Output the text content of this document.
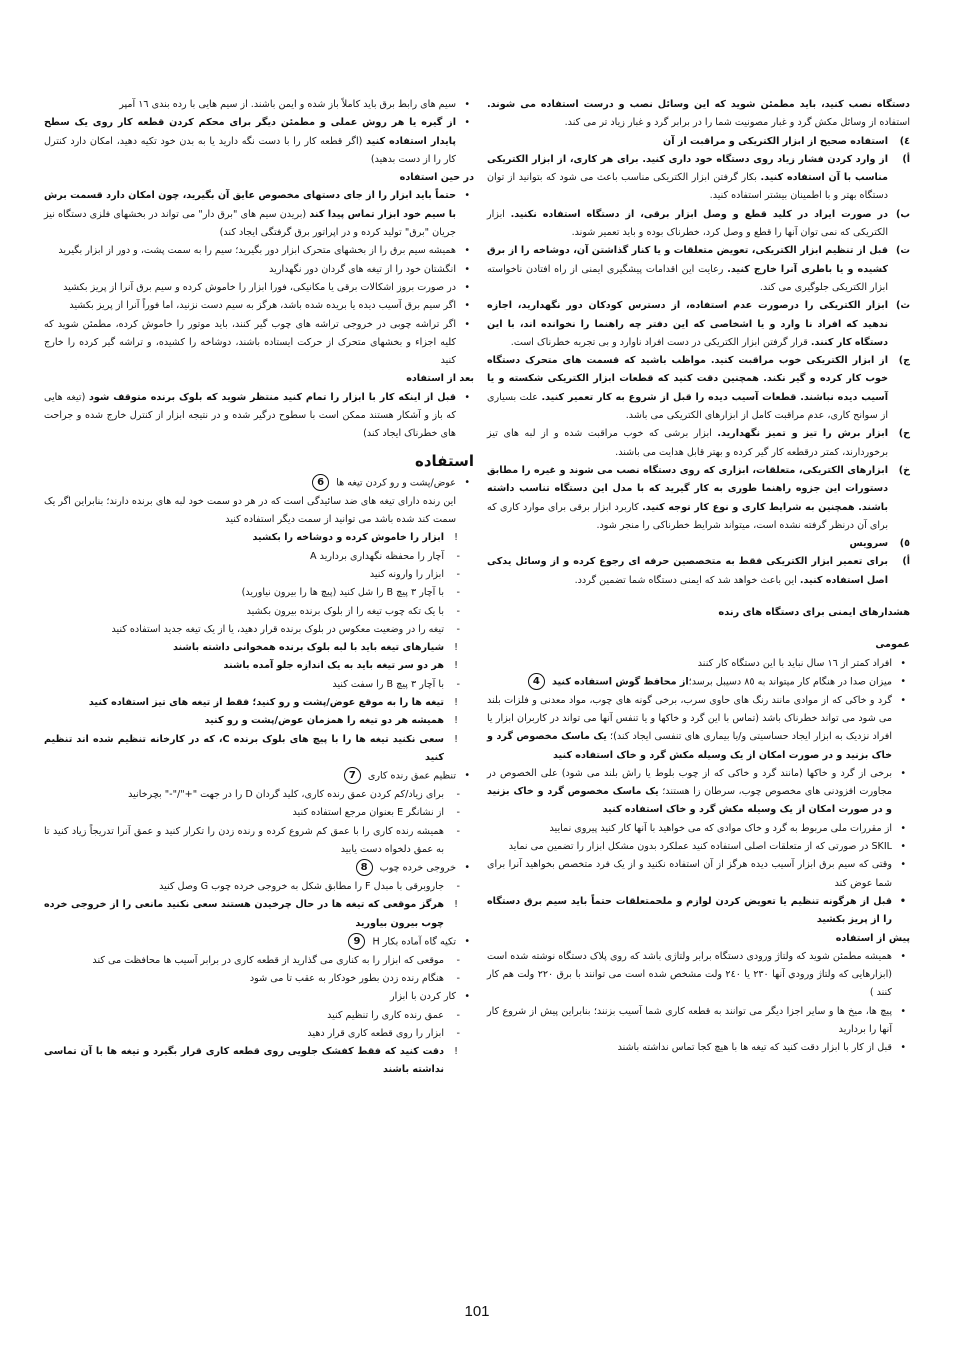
دستگاه نصب کنید، باید مطمئن شوید که این وسائل نصب و درست استفاده می شوند. استفاده از وسائل مکش گرد و غبار مصونیت شما را در برابر گرد و غبار زیاد تر می کند.

٤)
استفاده صحیح از ابزار الکتریکی و مراقبت از آن

أ)
از وارد کردن فشار زیاد روی دستگاه خود داری کنید. برای هر کاری، از ابزار الکتریکی مناسب با آن استفاده کنید. بکار گرفتن ابزار الکتریکی مناسب باعث می شود که بتوانید از توان دستگاه بهتر و با اطمینان بیشتر استفاده کنید.

ب)
در صورت ایراد در کلید قطع و وصل ابزار برقی، از دستگاه استفاده نکنید. ابزار الکتریکی که نمی توان آنها را قطع و وصل کرد، خطرناک بوده و باید تعمیر شوند.

ت)
قبل از تنظیم ابزار الکتریکی، تعویض متعلقات و یا کنار گذاشتن آن، دوشاخه را از برق کشیده و یا باطری آنرا خارج کنید. رعایت این اقدامات پیشگیری ایمنی از راه افتادن ناخواسته ابزار الکتریکی جلوگیری می کند.

ث)
ابزار الکتریکی را درصورت عدم استفاده، از دسترس کودکان دور نگهدارید، اجازه ندهید که افراد نا وارد و یا اشخاصی که این دفتر چه راهنما را نخوانده اند، با این دستگاه کار کنند. قرار گرفتن ابزار الکتریکی در دست افراد ناوارد و بی تجربه خطرناک است.

ج)
از ابزار الکتریکی خوب مراقبت کنید. مواظب باشید که قسمت های متحرک دستگاه خوب کار کرده و گیر نکند. همچنین دقت کنید که قطعات ابزار الکتریکی شکسته و یا آسیب دیده نباشند. قطعات آسیب دیده را قبل از شروع به کار تعمیر کنید. علت بسیاری از سوانح کاری، عدم مراقبت کامل از ابزارهای الکتریکی می باشد.

ح)
ابزار برش را تیز و تمیز نگهدارید. ابزار برشی که خوب مراقبت شده و از لبه های تیز برخوردارند، کمتر درقطعه کار گیر کرده و بهتر قابل هدایت می باشند.

خ)
ابزارهای الکتریکی، متعلقات، ابزاری که روی دستگاه نصب می شوند و غیره را مطابق دستورات این جزوه راهنما طوری به کار گیرید که با مدل این دستگاه تناسب داشته باشند. همچنین به شرایط کاری و نوع کار توجه کنید. کاربرد ابزار برقی برای موارد کاری که برای آن درنظر گرفته نشده است، میتواند شرایط خطرناکی را منجر شود.

٥)
سرویس

أ)
برای تعمیر ابزار الکتریکی فقط به متخصصین حرفه ای رجوع کرده و از وسائل یدکی اصل استفاده کنید. این باعث خواهد شد که ایمنی دستگاه شما تضمین گردد.

هشدارهای ایمنی برای دستگاه های رنده

عمومی

• افراد کمتر از ١٦ سال نباید با این دستگاه کار کنند

• میزان صدا در هنگام کار میتواند به ٨٥ دسیبل برسد؛از محافظ گوش استفاده کنید 4

• گرد و خاکی که از موادی مانند رنگ های حاوی سرب، برخی گونه های چوب، مواد معدنی و فلزات بلند می شود می تواند خطرناک باشد (تماس با این گرد و خاکها و یا تنفس آنها می تواند در کاربران ابزار یا افراد نزدیک به ابزار ایجاد حساسیتی و/یا بیماری های تنفسی ایجاد کند)؛ یک ماسک مخصوص گرد و خاک بزنید و در صورت امکان از یک وسیله مکش گرد و خاک استفاده کنید

• برخی از گرد و خاکها (مانند گرد و خاکی که از چوب بلوط یا راش بلند می شود) علی الخصوص در مجاورت افزودنی های مخصوص چوب، سرطان زا هستند؛ یک ماسک مخصوص گرد و خاک بزنید و در صورت امکان از یک وسیله مکش گرد و خاک استفاده کنید

• از مقررات ملی مربوط به گرد و خاک موادی که می خواهید با آنها کار کنید پیروی نمایید

• SKIL در صورتی که از متعلقات اصلی استفاده کنید عملکرد بدون مشکل ابزار را تضمین می نماید

• وقتی که سیم برق ابزار آسیب دیده هرگز از آن استفاده نکنید و از یک فرد متخصص بخواهید آنرا برای شما عوض کند

• قبل از هرگونه تنظیم یا تعویض کردن لوازم و ملحمتعلقات حتماً باید سیم برق دستگاه را از پریز بکشید

پیش از استفاده

• همیشه مطمئن شوید که ولتاژ ورودی دستگاه برابر ولتاژی باشد که روی پلاک دستگاه نوشته شده است (ابزارهایی که ولتاژ ورودي آنها ٢٣٠ یا ٢٤٠ ولت مشخص شده است می توانند با برق ٢٢٠ ولت هم کار کنند )

• پیچ ها، میخ ها و سایر اجزا دیگر می توانند به قطعه کاری شما آسیب بزنند؛ بنابراین پیش از شروع کار آنها را بردارید

• قبل از کار با ابزار دقت کنید که تیغه ها با هیچ کجا تماس نداشته باشند

• سیم های رابط برق باید کاملاً باز شده و ایمن باشند. از سیم هایی با رده بندی ١٦ آمپر

• از گیره یا هر روش عملی و مطمئن دیگر برای محکم کردن قطعه کار روی یک سطح پایدار استفاده کنید (اگر قطعه کار را با دست نگه دارید یا به بدن خود تکیه دهید، امکان دارد کنترل کار را از دست بدهید)

در حین استفاده

• حتماً باید ابزار را از جای دستهای مخصوص عایق آن بگیرید، چون امکان دارد قسمت برش با سیم خود ابزار تماس پیدا کند (بریدن سیم های "برق دار" می تواند در بخشهای فلزی دستگاه نیز جریان "برق" تولید کرده و در اپراتور برق گرفتگی ایجاد کند)

• همیشه سیم برق را از بخشهای متحرک ابزار دور بگیرید؛ سیم را به سمت پشت، و دور از ابزار بگیرید

• انگشتان خود را از تیغه های گردان دور نگهدارید

• در صورت بروز اشکالات برقی یا مکانیکی، فورا ابزار را خاموش کرده و سیم برق آنرا از پریز بکشید

• اگر سیم برق آسیب دیده یا بریده شده باشد، هرگز به سیم دست نزنید، اما فوراً آنرا از پریز بکشید

• اگر تراشه چوبی در خروجی تراشه های چوب گیر کنند، باید موتور را خاموش کرده، مطمئن شوید که کلیه اجزاء و بخشهای متحرک از حرکت ایستاده باشند، دوشاخه را کشیده، و تراشه گیر کرده را خارج کنید

بعد از استفاده

• قبل از اینکه کار با ابزار را تمام کنید منتظر شوید که بلوک برنده متوقف شود (تیغه هایی که باز و آشکار هستند ممکن است با سطوح درگیر شده و در نتیجه ابزار از کنترل خارج شده و جراحت های خطرناک ایجاد کند)

استفاده

• عوض/پشت و رو کردن تیغه ها 6

این رنده دارای تیغه های ضد سائیدگی است که در هر دو سمت خود لبه های برنده دارند؛ بنابراین اگر یک سمت کند شده باشد می توانید از سمت دیگر استفاده کنید

! ابزار را خاموش کرده و دوشاخه را بکشید

- آچار را محفظه نگهداری بردارید A

- ابزار را وارونه کنید

- با آچار ٣ پیچ B را شل کنید (پیچ ها را بیرون نیاورید)

- با یک تکه چوب تیغه را از بلوک برنده بیرون بکشید

- تیغه را در وضعیت معکوس در بلوک برنده قرار دهید، یا از یک تیغه جدید استفاده کنید

! شیارهای تیغه باید با لبه بلوک برنده همخوانی داشته باشند

! هر دو سر تیغه باید به یک اندازه جلو آمده باشند

- با آچار ٣ پیچ B را سفت کنید

! تیغه ها را به موقع عوض/پشت و رو کنید؛ فقط از تیغه های تیز استفاده کنید

! همیشه هر دو تیغه را همزمان عوض/پشت و رو کنید

! سعی نکنید تیغه ها را با پیچ های بلوک برنده C، که در کارخانه تنظیم شده اند تنظیم کنید

• تنظیم عمق رنده کاری 7

- برای زیاد/کم کردن عمق رنده کاری، کلید گردان D را در جهت "+"/"-" بچرخانید

- از نشانگر E بعنوان مرجع استفاده کنید

- همیشه رنده کاری را با عمق کم شروع کرده و رنده زدن را تکرار کنید و عمق آنرا تدریجاً زیاد کنید تا به عمق دلخواه دست یابید

• خروجی خرده چوب 8

- جاروبرقی با مبدل F را مطابق شکل به خروجی خرده چوب G وصل کنید

! هرگز موقعی که تیغه ها در حال چرخیدن هستند سعی نکنید مانعی را از خروجی خرده چوب بیرون بیاورید

• تکیه گاه آماده بکار H 9

- موقعی که ابزار را به کناری می گذارید از قطعه کاری در برابر آسیب ها محافظت می کند

- هنگام رنده زدن بطور خودکار به عقب تا می شود

• کار کردن با ابزار

- عمق رنده کاری را تنظیم کنید

- ابزار را روی قطعه کاری قرار دهید

! دقت کنید که فقط کفشک جلویی روی قطعه کاری قرار بگیرد و تیغه ها با آن تماسی نداشته باشند

101
